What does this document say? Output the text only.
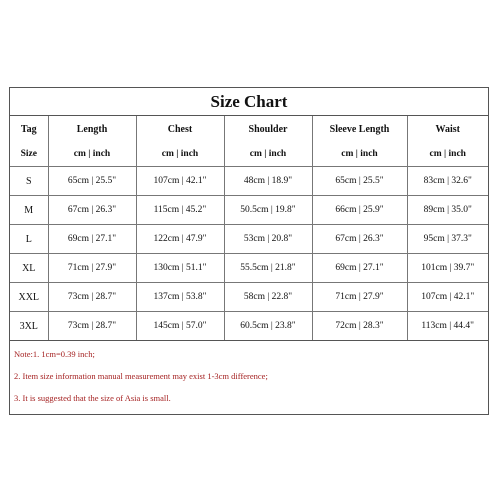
Size Chart
Tag	Length	Chest	Shoulder	Sleeve Length	Waist
Size	cm | inch	cm | inch	cm | inch	cm | inch	cm | inch
S	65cm | 25.5"	107cm | 42.1"	48cm | 18.9"	65cm | 25.5"	83cm | 32.6"
M	67cm | 26.3"	115cm | 45.2"	50.5cm | 19.8"	66cm | 25.9"	89cm | 35.0"
L	69cm | 27.1"	122cm | 47.9"	53cm | 20.8"	67cm | 26.3"	95cm | 37.3"
XL	71cm | 27.9"	130cm | 51.1"	55.5cm | 21.8"	69cm | 27.1"	101cm | 39.7"
XXL	73cm | 28.7"	137cm | 53.8"	58cm | 22.8"	71cm | 27.9"	107cm | 42.1"
3XL	73cm | 28.7"	145cm | 57.0"	60.5cm | 23.8"	72cm | 28.3"	113cm | 44.4"
Note:1. 1cm=0.39 inch;
2. Item size information manual measurement may exist 1-3cm difference;
3. It is suggested that the size of Asia is small.
